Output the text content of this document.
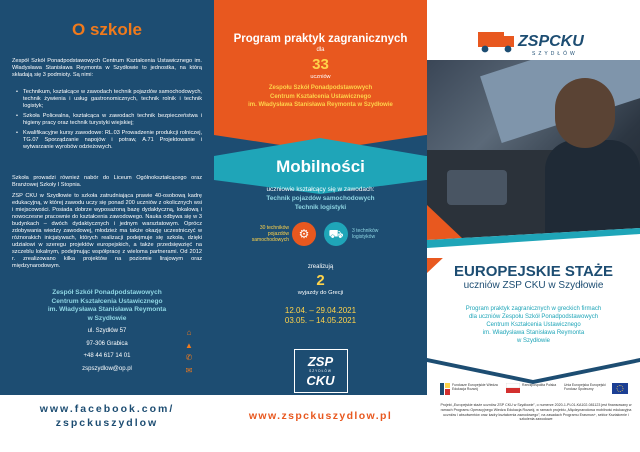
O szkole

Zespół Szkół Ponadpodstawowych Centrum Kształcenia Ustawicznego im. Władysława Stanisława Reymonta w Szydłowie to jednostka, na którą składają się 3 podmioty. Są nimi:

• Technikum, kształcące w zawodach technik pojazdów samochodowych, technik żywienia i usług gastronomicznych, technik rolnik i technik logistyk;
• Szkoła Policealna, kształcąca w zawodach technik bezpieczeństwa i higieny pracy oraz technik turystyki wiejskiej;
• Kwalifikacyjne kursy zawodowe: RL.03 Prowadzenie produkcji rolniczej, TG.07 Sporządzanie napojów i potraw, A.71 Projektowanie i wytwarzanie wyrobów odzieżowych.

Szkoła prowadzi również nabór do Liceum Ogólnokształcącego oraz Branżowej Szkoły I Stopnia.

ZSP CKU w Szydłowie to szkoła zatrudniająca prawie 40-osobową kadrę edukacyjną, w której zawodu uczy się ponad 200 uczniów z okolicznych wsi i miejscowości. Posiada dobrze wyposażoną bazę dydaktyczną, lokalową i nowoczesne pracownie do kształcenia zawodowego. Nauka odbywa się w 3 budynkach – dwóch dydaktycznych i jednym warsztatowym. Oprócz zdobywania wiedzy zawodowej, młodzież ma także okazję uczestniczyć w różnorakich inicjatywach, których realizacji podejmuje się szkoła, dzięki udziałowi w szeregu projektów europejskich, a także przedsięwzięć na szczeblu lokalnym, podejmując współpracę z wieloma partnerami. Od 2012 r. zrealizowano kilka projektów na poziomie lirajowym oraz międzynarodowym.

Zespół Szkół Ponadpodstawowych
Centrum Kształcenia Ustawicznego
im. Władysława Stanisława Reymonta
w Szydłowie
ul. Szydłów 57
97-306 Grabica
+48 44 617 14 01
zspszydlow@op.pl
⌂
▲
✆
✉
Program praktyk zagranicznych
dla
33
uczniów
Zespołu Szkół Ponadpodstawowych
Centrum Kształcenia Ustawicznego
im. Władysława Stanisława Reymonta w Szydłowie
Mobilności
uczniowie kształcący się w zawodach:
Technik pojazdów samochodowych
Technik logistyki
30 techników
pojazdów
samochodowych ⚙	⛟	3 techników
logistyków
zrealizują
2
wyjazdy do Grecji
12.04. – 29.04.2021
03.05. – 14.05.2021
ZSP
SZYDŁÓW
CKU
ZSPCKU
SZYDŁÓW
EUROPEJSKIE STAŻE
uczniów ZSP CKU w Szydłowie
Program praktyk zagranicznych w greckich firmach
dla uczniów Zespołu Szkół Ponadpodstawowych
Centrum Kształcenia Ustawicznego
im. Władysława Stanisława Reymonta
w Szydłowie
www.facebook.com/
zspckuszydlow
www.zspckuszydlow.pl
Fundusze Europejskie Wiedza Edukacja Rozwój
Rzeczpospolita Polska	Unia Europejska Europejski Fundusz Społeczny
Projekt „Europejskie staże uczniów ZSP CKU w Szydłowie”, o numerze 2020-1-PL01-KA102-081123 jest finansowany w ramach Programu Operacyjnego Wiedza Edukacja Rozwój, w ramach projektu „Międzynarodowa mobilność edukacyjna uczniów i absolwentów oraz kadry kształcenia zawodowego”, na zasadach Programu Erasmus+, sektor Kształcenie i szkolenia zawodowe
